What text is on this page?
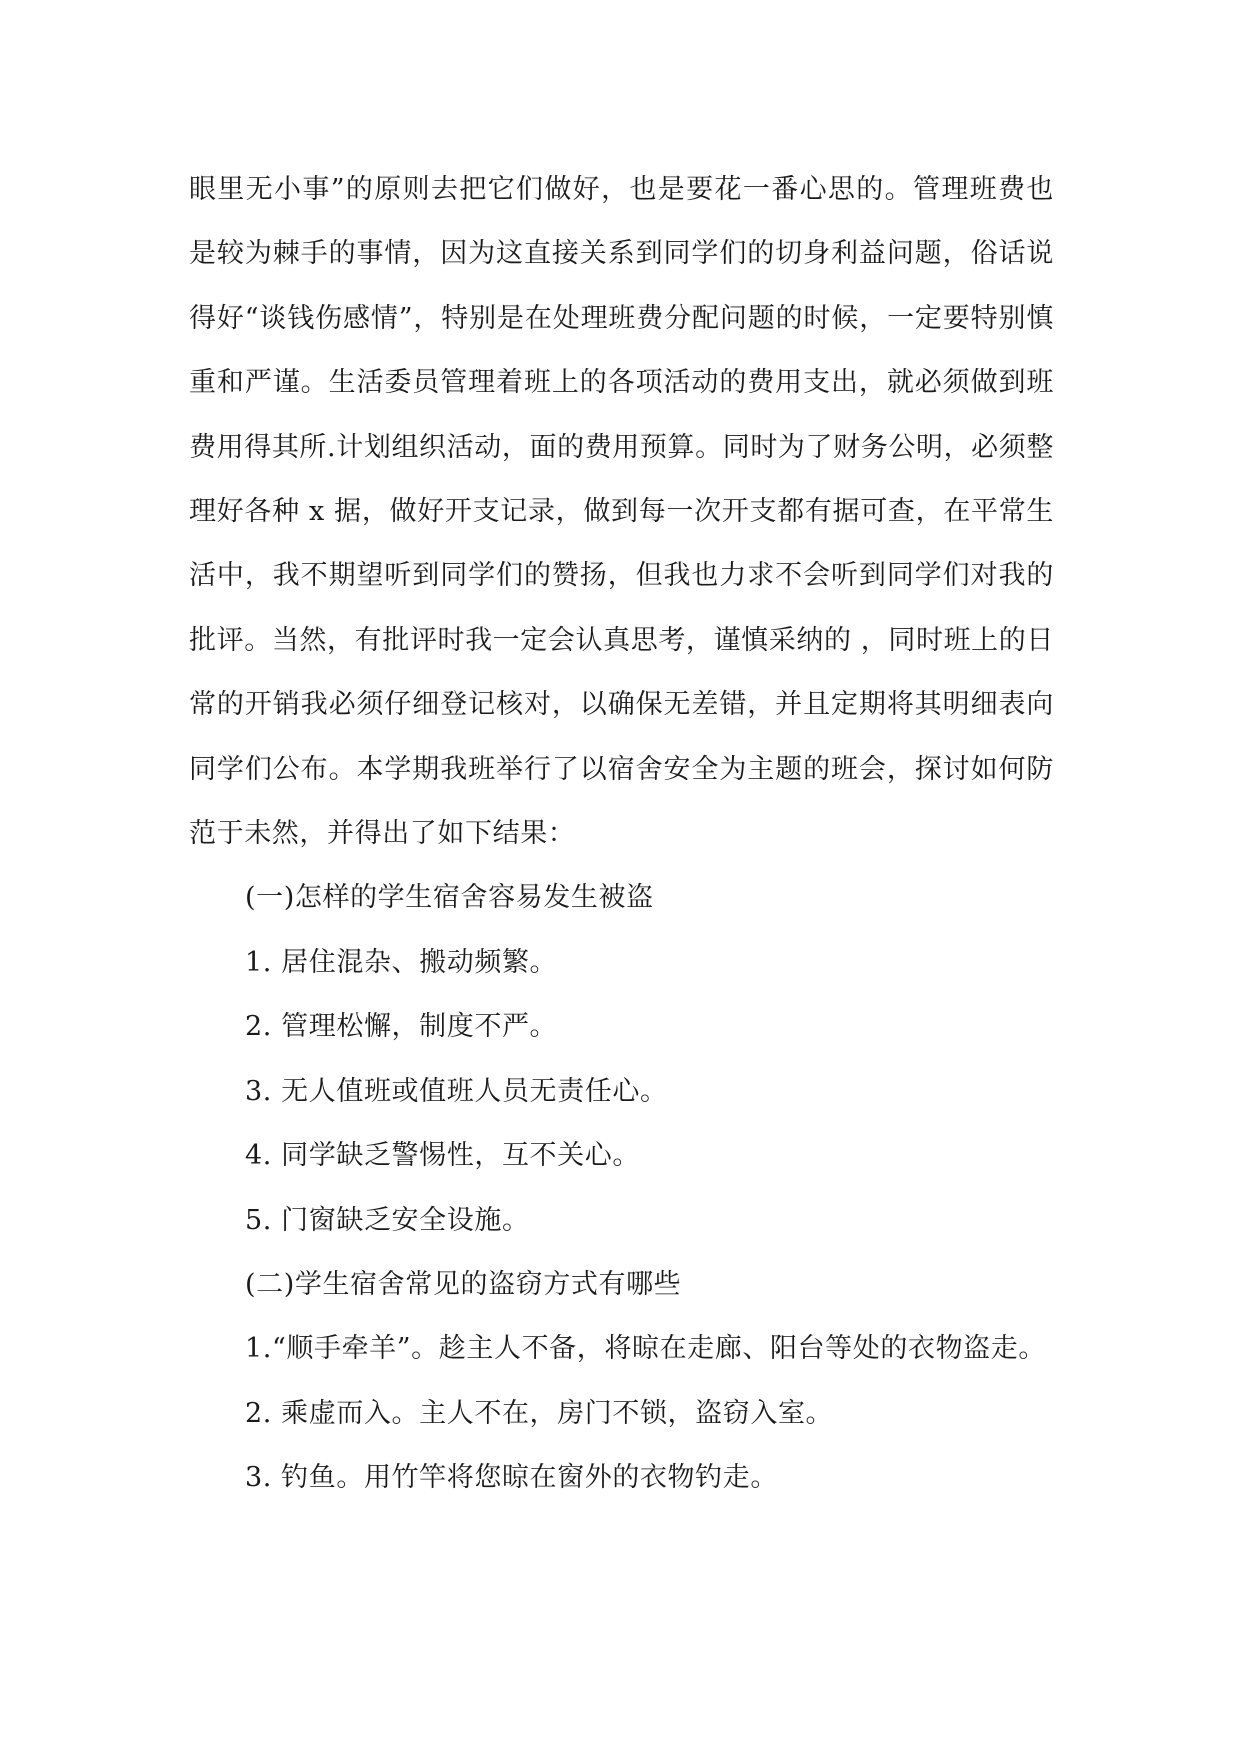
眼里无小事”的原则去把它们做好，也是要花一番心思的。管理班费也是较为棘手的事情，因为这直接关系到同学们的切身利益问题，俗话说得好“谈钱伤感情”，特别是在处理班费分配问题的时候，一定要特别慎重和严谨。生活委员管理着班上的各项活动的费用支出，就必须做到班费用得其所.计划组织活动，面的费用预算。同时为了财务公明，必须整理好各种 x 据，做好开支记录，做到每一次开支都有据可查，在平常生活中，我不期望听到同学们的赞扬，但我也力求不会听到同学们对我的批评。当然，有批评时我一定会认真思考，谨慎采纳的 ，同时班上的日常的开销我必须仔细登记核对，以确保无差错，并且定期将其明细表向同学们公布。本学期我班举行了以宿舍安全为主题的班会，探讨如何防范于未然，并得出了如下结果：

(一)怎样的学生宿舍容易发生被盗

1. 居住混杂、搬动频繁。

2. 管理松懈，制度不严。

3. 无人值班或值班人员无责任心。

4. 同学缺乏警惕性，互不关心。

5. 门窗缺乏安全设施。

(二)学生宿舍常见的盗窃方式有哪些

1.“顺手牵羊”。趁主人不备，将晾在走廊、阳台等处的衣物盗走。

2. 乘虚而入。主人不在，房门不锁，盗窃入室。

3. 钓鱼。用竹竿将您晾在窗外的衣物钓走。
